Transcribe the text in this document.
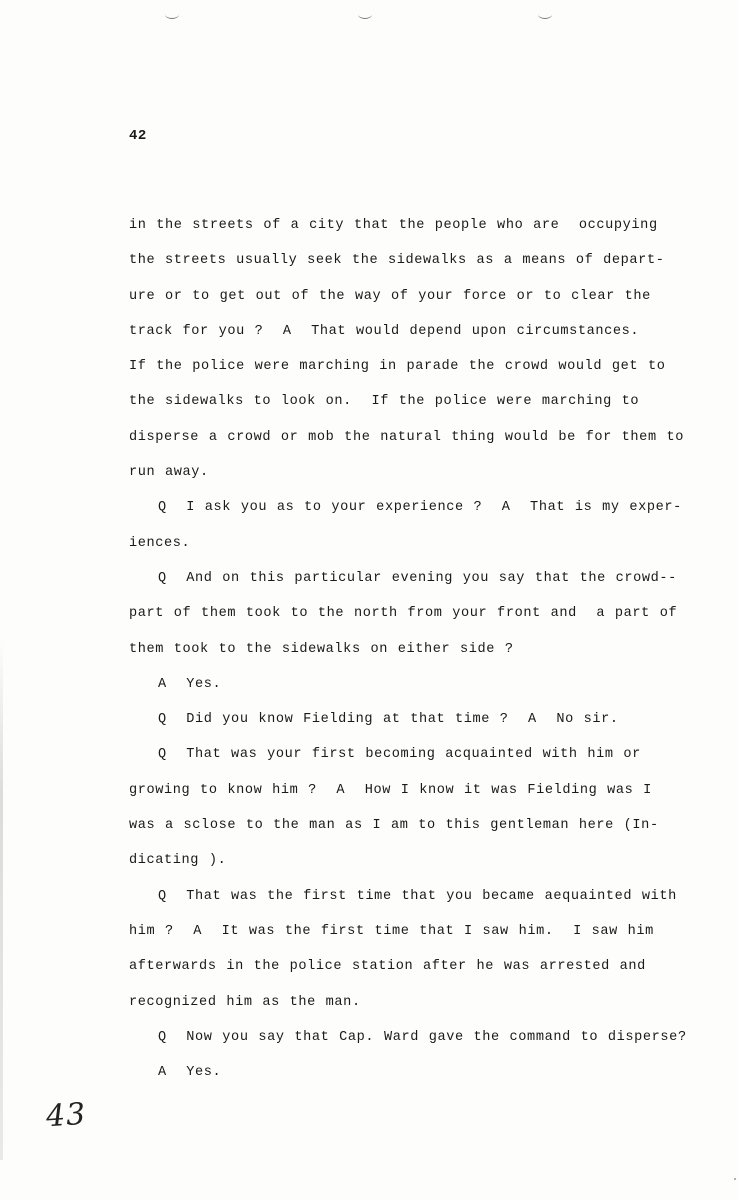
42
in the streets of a city that the people who are  occupying
the streets usually seek the sidewalks as a means of depart-
ure or to get out of the way of your force or to clear the
track for you ?  A  That would depend upon circumstances.
If the police were marching in parade the crowd would get to
the sidewalks to look on.  If the police were marching to
disperse a crowd or mob the natural thing would be for them to
run away.
Q  I ask you as to your experience ?  A  That is my exper-
iences.
Q  And on this particular evening you say that the crowd--
part of them took to the north from your front and  a part of
them took to the sidewalks on either side ?
A  Yes.
Q  Did you know Fielding at that time ?  A  No sir.
Q  That was your first becoming acquainted with him or
growing to know him ?  A  How I know it was Fielding was I
was a sclose to the man as I am to this gentleman here (In-
dicating ).
Q  That was the first time that you became aequainted with
him ?  A  It was the first time that I saw him.  I saw him
afterwards in the police station after he was arrested and
recognized him as the man.
Q  Now you say that Cap. Ward gave the command to disperse?
A  Yes.
43
